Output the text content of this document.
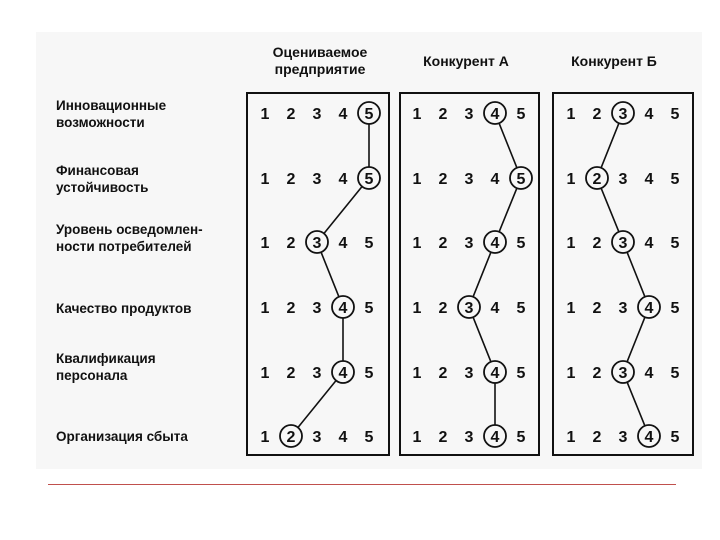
Оцениваемое
предприятие	Конкурент А	Конкурент Б
Инновационные
возможности
Финансовая
устойчивость
Уровень осведомлен-
ности потребителей
Качество продуктов
Квалификация
персонала
Организация сбыта
1 2 3 4 5
1 2 3 4 5
1 2 3 4 5
1 2 3 4 5
1 2 3 4 5
1 2 3 4 5
1 2 3 4 5
1 2 3 4 5
1 2 3 4 5
1 2 3 4 5
1 2 3 4 5
1 2 3 4 5
1 2 3 4 5
1 2 3 4 5
1 2 3 4 5
1 2 3 4 5
1 2 3 4 5
1 2 3 4 5
